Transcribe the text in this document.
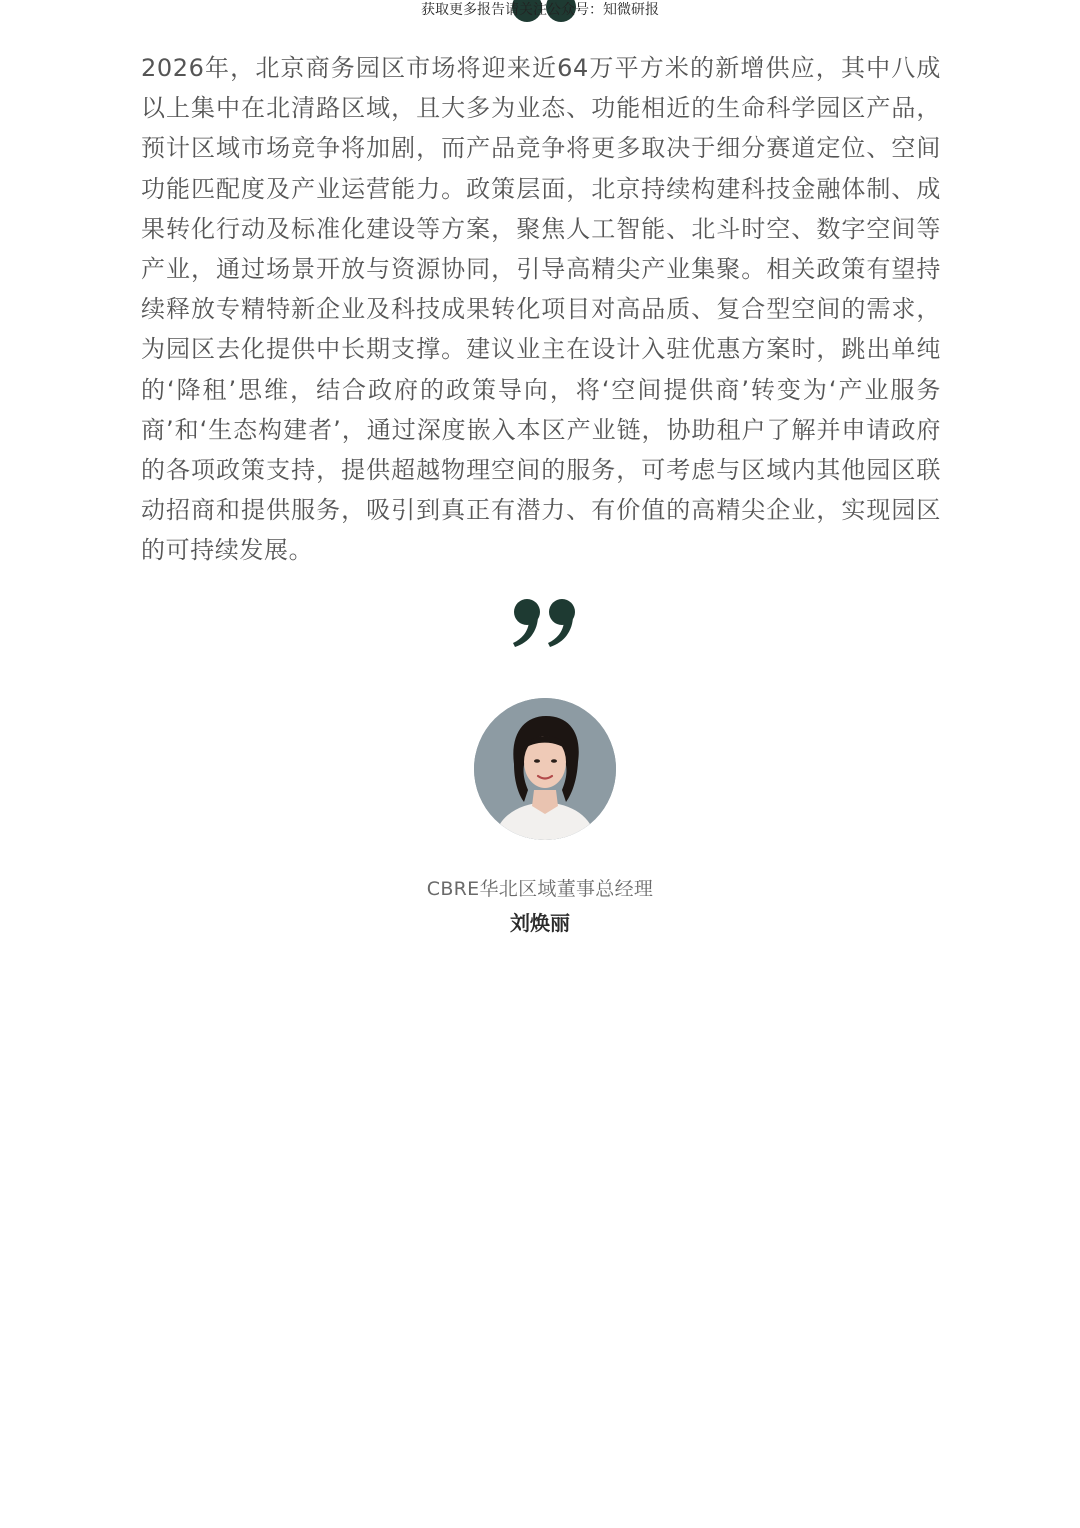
获取更多报告请关注公众号：知微研报

2026年，北京商务园区市场将迎来近64万平方米的新增供应，其中八成以上集中在北清路区域，且大多为业态、功能相近的生命科学园区产品，预计区域市场竞争将加剧，而产品竞争将更多取决于细分赛道定位、空间功能匹配度及产业运营能力。政策层面，北京持续构建科技金融体制、成果转化行动及标准化建设等方案，聚焦人工智能、北斗时空、数字空间等产业，通过场景开放与资源协同，引导高精尖产业集聚。相关政策有望持续释放专精特新企业及科技成果转化项目对高品质、复合型空间的需求，为园区去化提供中长期支撑。建议业主在设计入驻优惠方案时，跳出单纯的‘降租’思维，结合政府的政策导向，将‘空间提供商’转变为‘产业服务商’和‘生态构建者’，通过深度嵌入本区产业链，协助租户了解并申请政府的各项政策支持，提供超越物理空间的服务，可考虑与区域内其他园区联动招商和提供服务，吸引到真正有潜力、有价值的高精尖企业，实现园区的可持续发展。

CBRE华北区域董事总经理
刘焕丽
